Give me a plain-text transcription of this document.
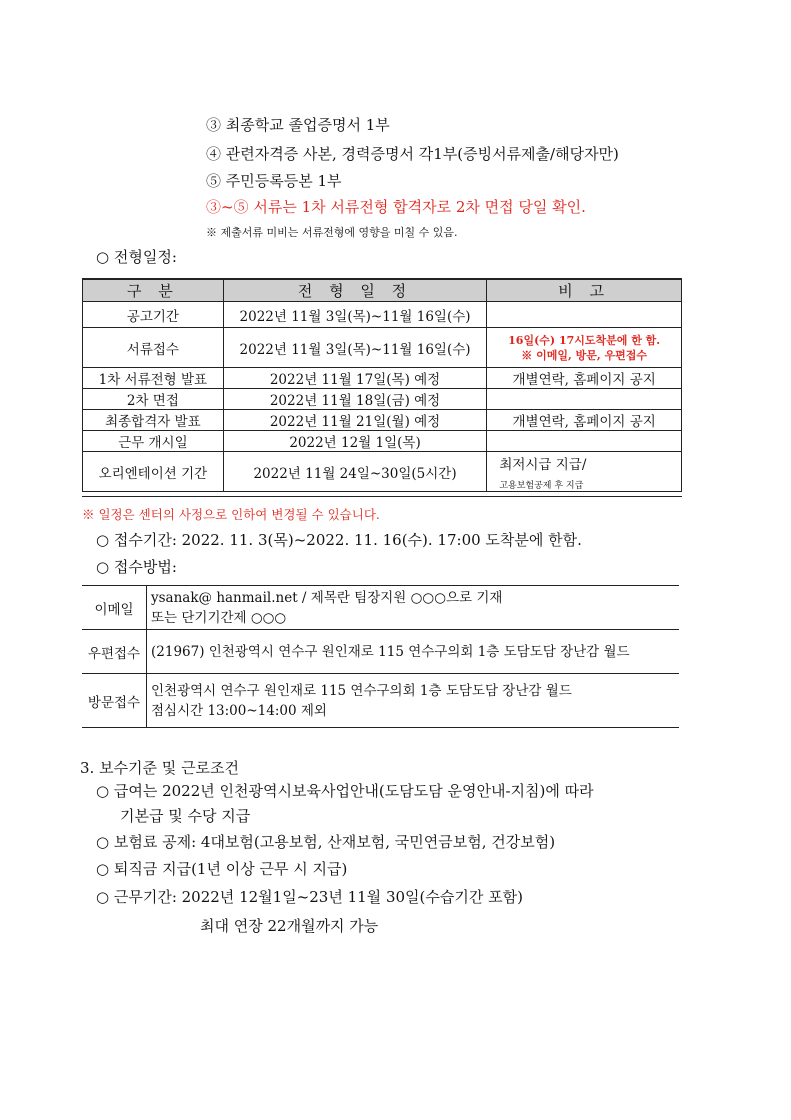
③ 최종학교 졸업증명서 1부
④ 관련자격증 사본, 경력증명서 각1부(증빙서류제출/해당자만)
⑤ 주민등록등본 1부
③~⑤ 서류는 1차 서류전형 합격자로 2차 면접 당일 확인.
※ 제출서류 미비는 서류전형에 영향을 미칠 수 있음.
○ 전형일정:
구 분	전 형 일 정	비 고
공고기간	2022년 11월 3일(목)~11월 16일(수)	
서류접수	2022년 11월 3일(목)~11월 16일(수)	16일(수) 17시도착분에 한 함.
※ 이메일, 방문, 우편접수

1차 서류전형 발표	2022년 11월 17일(목) 예정	개별연락, 홈페이지 공지
2차 면접	2022년 11월 18일(금) 예정	
최종합격자 발표	2022년 11월 21일(월) 예정	개별연락, 홈페이지 공지
근무 개시일	2022년 12월 1일(목)	
오리엔테이션 기간	2022년 11월 24일~30일(5시간)	최저시급 지급/
고용보험공제 후 지급
※ 일정은 센터의 사정으로 인하여 변경될 수 있습니다.
○ 접수기간: 2022. 11. 3(목)~2022. 11. 16(수). 17:00 도착분에 한함.
○ 접수방법:
이메일	ysanak@ hanmail.net / 제목란 팀장지원 ○○○으로 기재
또는 단기기간제 ○○○

우편접수	(21967) 인천광역시 연수구 원인재로 115 연수구의회 1층 도담도담 장난감 월드
방문접수	인천광역시 연수구 원인재로 115 연수구의회 1층 도담도담 장난감 월드
점심시간 13:00~14:00 제외
3. 보수기준 및 근로조건
○ 급여는 2022년 인천광역시보육사업안내(도담도담 운영안내-지침)에 따라
기본급 및 수당 지급
○ 보험료 공제: 4대보험(고용보험, 산재보험, 국민연금보험, 건강보험)
○ 퇴직금 지급(1년 이상 근무 시 지급)
○ 근무기간: 2022년 12월1일~23년 11월 30일(수습기간 포함)
최대 연장 22개월까지 가능
